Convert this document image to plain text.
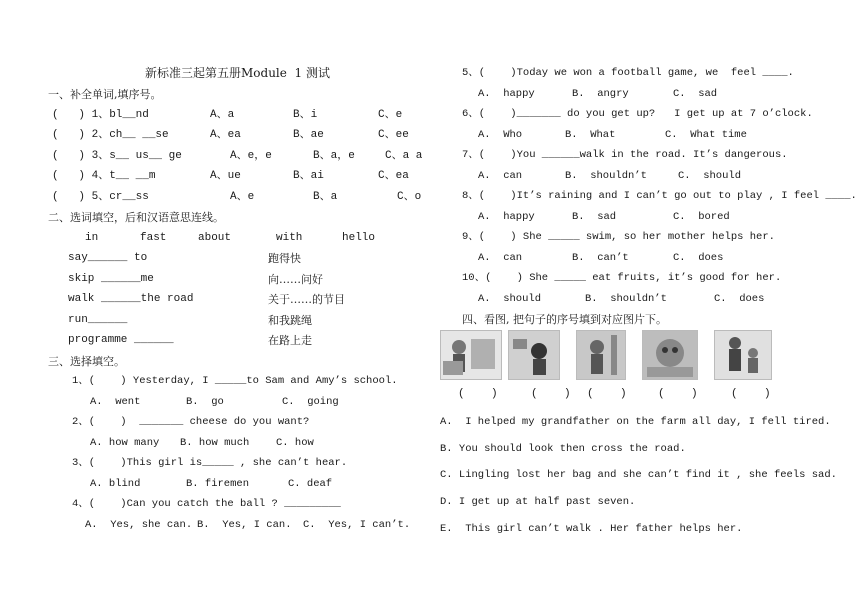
新标准三起第五册Module  1 测试
一、补全单词,填序号。
(   ) 1、bl__nd	A、a	B、i	C、e
(   ) 2、ch__ __se	A、ea	B、ae	C、ee
(   ) 3、s__ us__ ge	A、e，e	B、a，e	C、a a
(   ) 4、t__ __m	A、ue	B、ai	C、ea
(   ) 5、cr__ss	A、e	B、a	C、o
二、选词填空，后和汉语意思连线。
in	fast	about	with	hello
say______ to
skip ______me
walk ______the road
run______
programme ______
跑得快
向……问好
关于……的节目
和我跳绳
在路上走
三、选择填空。
1、(    ) Yesterday, I _____to Sam and Amy’s school.
A.  went	B.  go	C.  going
2、(    )  _______ cheese do you want?
A. how many B. how much	C. how
3、(    )This girl is_____ , she can’t hear.
A. blind	B. firemen	C. deaf
4、(    )Can you catch the ball ? _________
A.  Yes, she can. B.  Yes, I can. C.  Yes, I can’t.
5、(    )Today we won a football game, we  feel ____.
A.  happy	B.  angry	C.  sad
6、(    )_______ do you get up?   I get up at 7 o’clock.
A.  Who	B.  What	C.  What time
7、(    )You ______walk in the road. It’s dangerous.
A.  can	B.  shouldn’t	C.  should
8、(    )It’s raining and I can’t go out to play , I feel ____.
A.  happy	B.  sad	C.  bored
9、(    ) She _____ swim, so her mother helps her.
A.  can	B.  can’t	C.  does
10、(    ) She _____ eat fruits, it’s good for her.
A.  should	B.  shouldn’t	C.  does
四、看图, 把句子的序号填到对应图片下。
(    )	(    ) (    )	(    )	(    )
A.  I helped my grandfather on the farm all day, I fell tired.
B. You should look then cross the road.
C. Lingling lost her bag and she can’t find it , she feels sad.
D. I get up at half past seven.
E.  This girl can’t walk . Her father helps her.
